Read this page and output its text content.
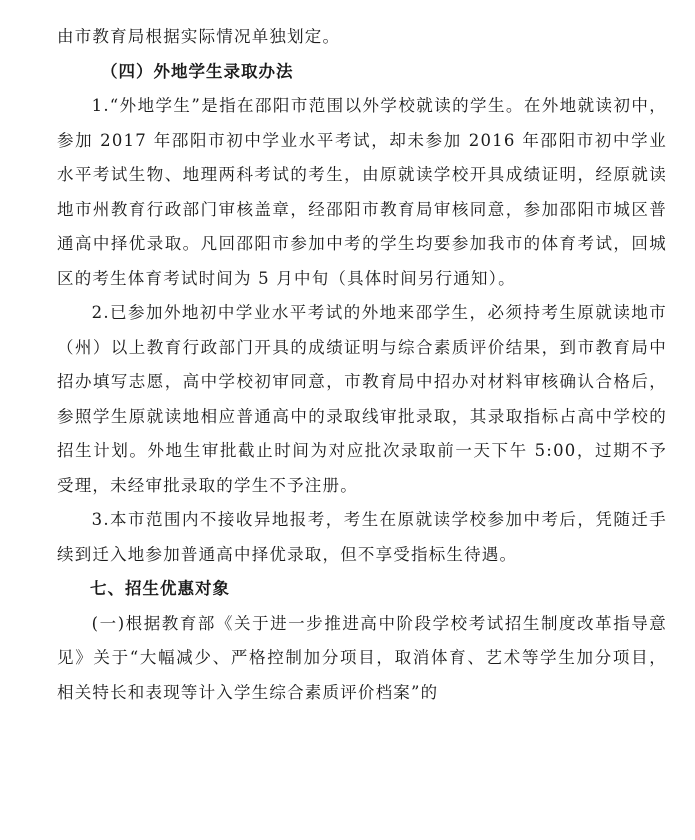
由市教育局根据实际情况单独划定。

（四）外地学生录取办法

1.“外地学生”是指在邵阳市范围以外学校就读的学生。在外地就读初中，参加 2017 年邵阳市初中学业水平考试，却未参加 2016 年邵阳市初中学业水平考试生物、地理两科考试的考生，由原就读学校开具成绩证明，经原就读地市州教育行政部门审核盖章，经邵阳市教育局审核同意，参加邵阳市城区普通高中择优录取。凡回邵阳市参加中考的学生均要参加我市的体育考试，回城区的考生体育考试时间为 5 月中旬（具体时间另行通知）。

2.已参加外地初中学业水平考试的外地来邵学生，必须持考生原就读地市（州）以上教育行政部门开具的成绩证明与综合素质评价结果，到市教育局中招办填写志愿，高中学校初审同意，市教育局中招办对材料审核确认合格后，参照学生原就读地相应普通高中的录取线审批录取，其录取指标占高中学校的招生计划。外地生审批截止时间为对应批次录取前一天下午 5:00，过期不予受理，未经审批录取的学生不予注册。

3.本市范围内不接收异地报考，考生在原就读学校参加中考后，凭随迁手续到迁入地参加普通高中择优录取，但不享受指标生待遇。

七、招生优惠对象

(一)根据教育部《关于进一步推进高中阶段学校考试招生制度改革指导意见》关于“大幅减少、严格控制加分项目，取消体育、艺术等学生加分项目，相关特长和表现等计入学生综合素质评价档案”的
